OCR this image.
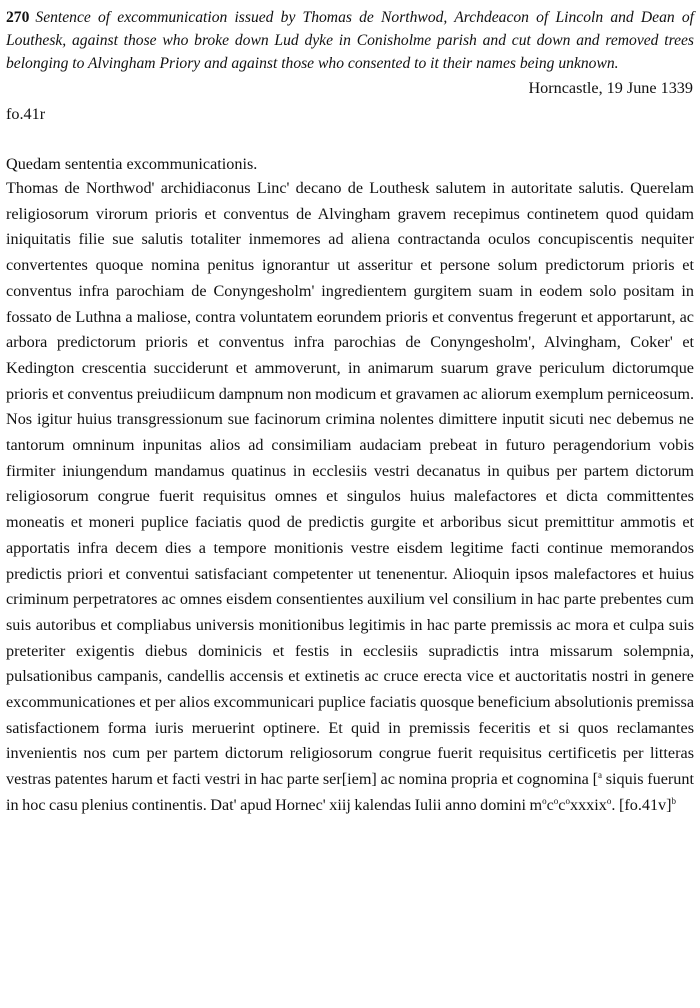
270 Sentence of excommunication issued by Thomas de Northwod, Archdeacon of Lincoln and Dean of Louthesk, against those who broke down Lud dyke in Conisholme parish and cut down and removed trees belonging to Alvingham Priory and against those who consented to it their names being unknown.
Horncastle, 19 June 1339
fo.41r
Quedam sententia excommunicationis.
Thomas de Northwod' archidiaconus Linc' decano de Louthesk salutem in autoritate salutis. Querelam religiosorum virorum prioris et conventus de Alvingham gravem recepimus continetem quod quidam iniquitatis filie sue salutis totaliter inmemores ad aliena contractanda oculos concupiscentis nequiter convertentes quoque nomina penitus ignorantur ut asseritur et persone solum predictorum prioris et conventus infra parochiam de Conyngesholm' ingredientem gurgitem suam in eodem solo positam in fossato de Luthna a maliose, contra voluntatem eorundem prioris et conventus fregerunt et apportarunt, ac arbora predictorum prioris et conventus infra parochias de Conyngesholm', Alvingham, Coker' et Kedington crescentia succiderunt et ammoverunt, in animarum suarum grave periculum dictorumque prioris et conventus preiudiicum dampnum non modicum et gravamen ac aliorum exemplum perniceosum. Nos igitur huius transgressionum sue facinorum crimina nolentes dimittere inputit sicuti nec debemus ne tantorum omninum inpunitas alios ad consimiliam audaciam prebeat in futuro peragendorium vobis firmiter iniungendum mandamus quatinus in ecclesiis vestri decanatus in quibus per partem dictorum religiosorum congrue fuerit requisitus omnes et singulos huius malefactores et dicta committentes moneatis et moneri puplice faciatis quod de predictis gurgite et arboribus sicut premittitur ammotis et apportatis infra decem dies a tempore monitionis vestre eisdem legitime facti continue memorandos predictis priori et conventui satisfaciant competenter ut tenenentur. Alioquin ipsos malefactores et huius criminum perpetratores ac omnes eisdem consentientes auxilium vel consilium in hac parte prebentes cum suis autoribus et compliabus universis monitionibus legitimis in hac parte premissis ac mora et culpa suis preteriter exigentis diebus dominicis et festis in ecclesiis supradictis intra missarum solempnia, pulsationibus campanis, candellis accensis et extinetis ac cruce erecta vice et auctoritatis nostri in genere excommunicationes et per alios excommunicari puplice faciatis quosque beneficium absolutionis premissa satisfactionem forma iuris meruerint optinere. Et quid in premissis feceritis et si quos reclamantes invenientis nos cum per partem dictorum religiosorum congrue fuerit requisitus certificetis per litteras vestras patentes harum et facti vestri in hac parte ser[iem] ac nomina propria et cognomina [$^a$ siquis fuerunt in hoc casu plenius continentis. Dat' apud Hornec' xiij kalendas Iulii anno domini $m^oc^oc^oxxxix^o$. $[fo.41v]^b$
